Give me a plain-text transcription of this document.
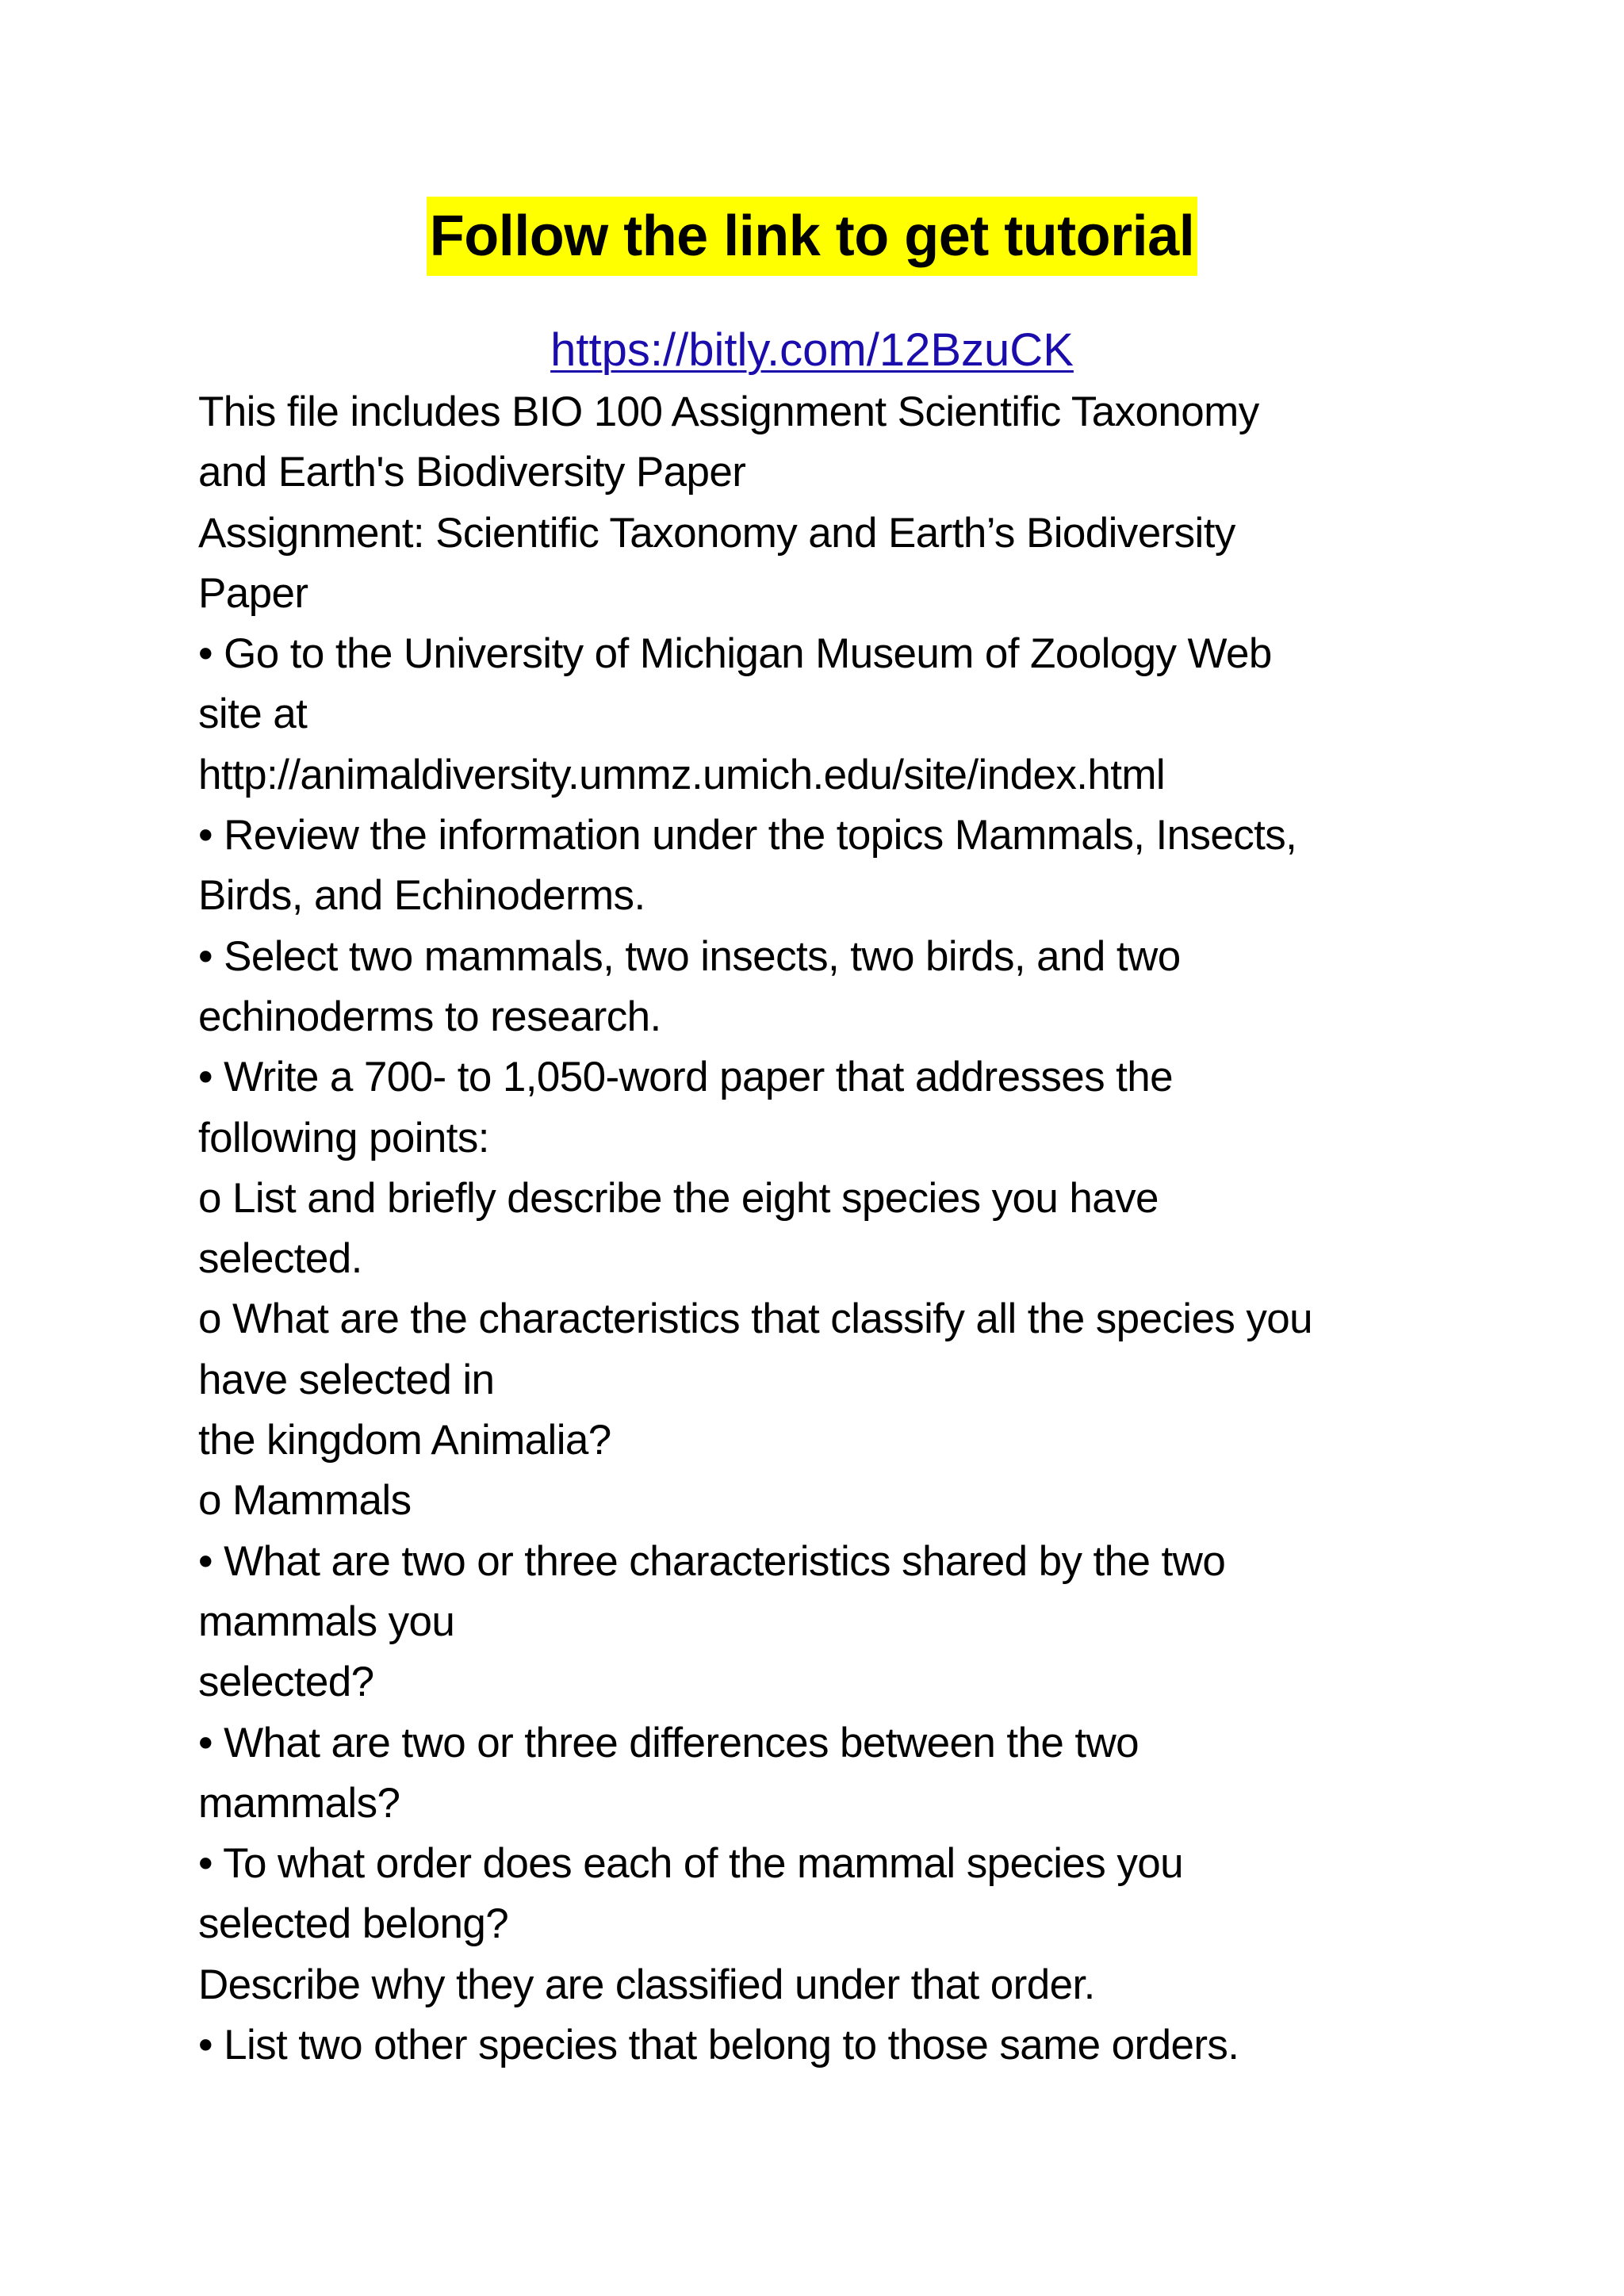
Follow the link to get tutorial
https://bitly.com/12BzuCK
This file includes BIO 100 Assignment Scientific Taxonomy
and Earth's Biodiversity Paper
Assignment: Scientific Taxonomy and Earth’s Biodiversity
Paper
• Go to the University of Michigan Museum of Zoology Web
site at
http://animaldiversity.ummz.umich.edu/site/index.html
• Review the information under the topics Mammals, Insects,
Birds, and Echinoderms.
• Select two mammals, two insects, two birds, and two
echinoderms to research.
• Write a 700- to 1,050-word paper that addresses the
following points:
o List and briefly describe the eight species you have
selected.
o What are the characteristics that classify all the species you
have selected in
the kingdom Animalia?
o Mammals
• What are two or three characteristics shared by the two
mammals you
selected?
• What are two or three differences between the two
mammals?
• To what order does each of the mammal species you
selected belong?
Describe why they are classified under that order.
• List two other species that belong to those same orders.
